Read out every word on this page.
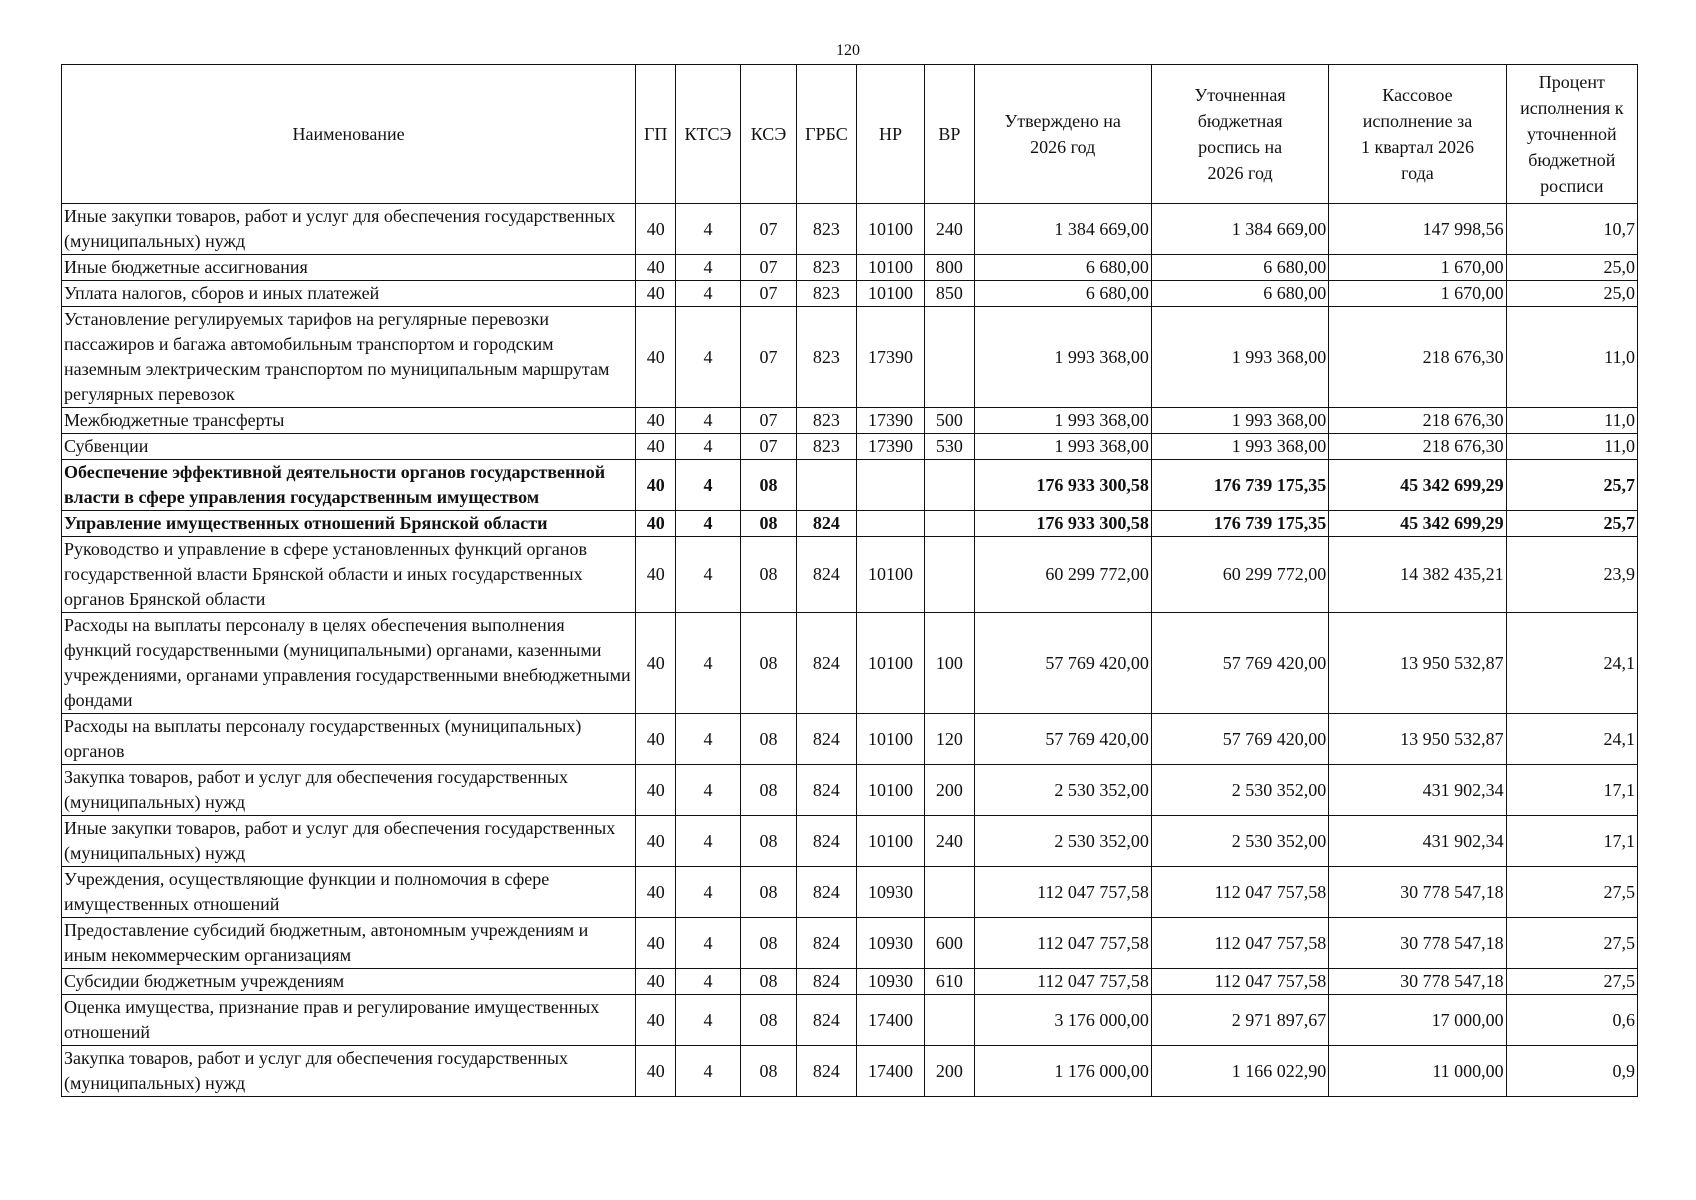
120
Наименование	ГП	КТСЭ	КСЭ	ГРБС	НР	ВР	Утверждено на 2026 год	Уточненная бюджетная роспись на 2026 год	Кассовое исполнение за 1 квартал 2026 года	Процент исполнения к уточненной бюджетной росписи
Иные закупки товаров, работ и услуг для обеспечения государственных (муниципальных) нужд	40	4	07	823	10100	240	1 384 669,00	1 384 669,00	147 998,56	10,7
Иные бюджетные ассигнования	40	4	07	823	10100	800	6 680,00	6 680,00	1 670,00	25,0
Уплата налогов, сборов и иных платежей	40	4	07	823	10100	850	6 680,00	6 680,00	1 670,00	25,0
Установление регулируемых тарифов на регулярные перевозки пассажиров и багажа автомобильным транспортом и городским наземным электрическим транспортом по муниципальным маршрутам регулярных перевозок	40	4	07	823	17390		1 993 368,00	1 993 368,00	218 676,30	11,0
Межбюджетные трансферты	40	4	07	823	17390	500	1 993 368,00	1 993 368,00	218 676,30	11,0
Субвенции	40	4	07	823	17390	530	1 993 368,00	1 993 368,00	218 676,30	11,0
Обеспечение эффективной деятельности органов государственной власти в сфере управления государственным имуществом	40	4	08				176 933 300,58	176 739 175,35	45 342 699,29	25,7
Управление имущественных отношений Брянской области	40	4	08	824			176 933 300,58	176 739 175,35	45 342 699,29	25,7
Руководство и управление в сфере установленных функций органов государственной власти Брянской области и иных государственных органов Брянской области	40	4	08	824	10100		60 299 772,00	60 299 772,00	14 382 435,21	23,9
Расходы на выплаты персоналу в целях обеспечения выполнения функций государственными (муниципальными) органами, казенными учреждениями, органами управления государственными внебюджетными фондами	40	4	08	824	10100	100	57 769 420,00	57 769 420,00	13 950 532,87	24,1
Расходы на выплаты персоналу государственных (муниципальных) органов	40	4	08	824	10100	120	57 769 420,00	57 769 420,00	13 950 532,87	24,1
Закупка товаров, работ и услуг для обеспечения государственных (муниципальных) нужд	40	4	08	824	10100	200	2 530 352,00	2 530 352,00	431 902,34	17,1
Иные закупки товаров, работ и услуг для обеспечения государственных (муниципальных) нужд	40	4	08	824	10100	240	2 530 352,00	2 530 352,00	431 902,34	17,1
Учреждения, осуществляющие функции и полномочия в сфере имущественных отношений	40	4	08	824	10930		112 047 757,58	112 047 757,58	30 778 547,18	27,5
Предоставление субсидий бюджетным, автономным учреждениям и иным некоммерческим организациям	40	4	08	824	10930	600	112 047 757,58	112 047 757,58	30 778 547,18	27,5
Субсидии бюджетным учреждениям	40	4	08	824	10930	610	112 047 757,58	112 047 757,58	30 778 547,18	27,5
Оценка имущества, признание прав и регулирование имущественных отношений	40	4	08	824	17400		3 176 000,00	2 971 897,67	17 000,00	0,6
Закупка товаров, работ и услуг для обеспечения государственных (муниципальных) нужд	40	4	08	824	17400	200	1 176 000,00	1 166 022,90	11 000,00	0,9
